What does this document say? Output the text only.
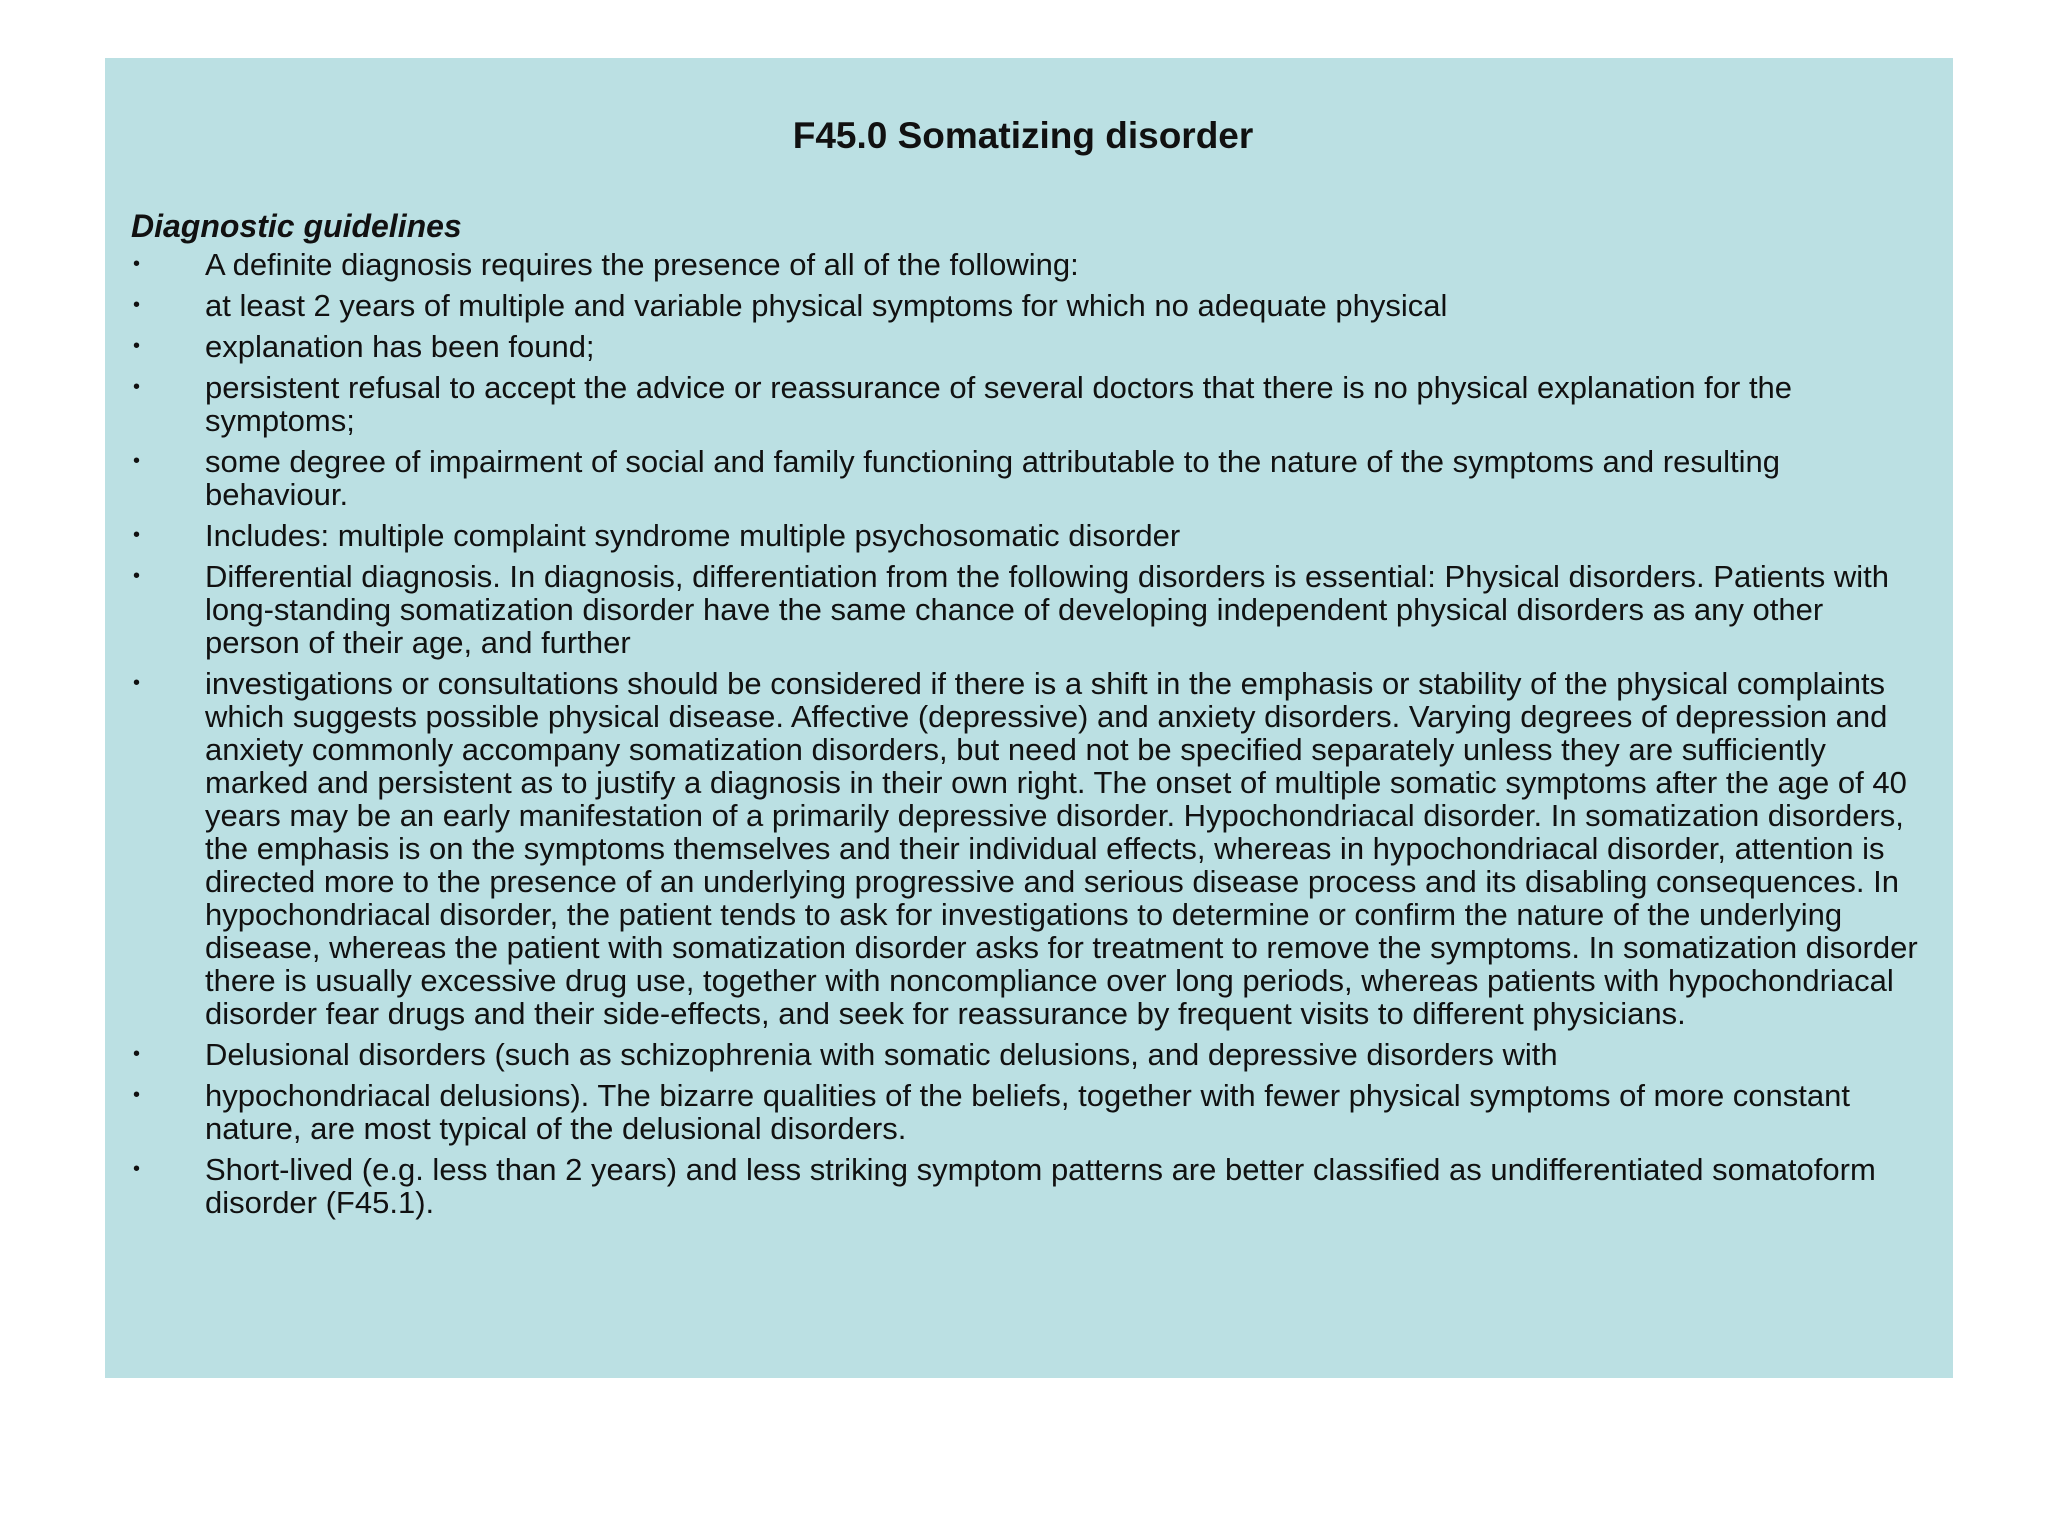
F45.0 Somatizing disorder
Diagnostic guidelines
• A definite diagnosis requires the presence of all of the following:
• at least 2 years of multiple and variable physical symptoms for which no adequate physical
• explanation has been found;
• persistent refusal to accept the advice or reassurance of several doctors that there is no physical explanation for the symptoms;
• some degree of impairment of social and family functioning attributable to the nature of the symptoms and resulting behaviour.
• Includes: multiple complaint syndrome multiple psychosomatic disorder
• Differential diagnosis. In diagnosis, differentiation from the following disorders is essential: Physical disorders. Patients with long-standing somatization disorder have the same chance of developing independent physical disorders as any other person of their age, and further
• investigations or consultations should be considered if there is a shift in the emphasis or stability of the physical complaints which suggests possible physical disease. Affective (depressive) and anxiety disorders. Varying degrees of depression and anxiety commonly accompany somatization disorders, but need not be specified separately unless they are sufficiently marked and persistent as to justify a diagnosis in their own right. The onset of multiple somatic symptoms after the age of 40 years may be an early manifestation of a primarily depressive disorder. Hypochondriacal disorder. In somatization disorders, the emphasis is on the symptoms themselves and their individual effects, whereas in hypochondriacal disorder, attention is directed more to the presence of an underlying progressive and serious disease process and its disabling consequences. In hypochondriacal disorder, the patient tends to ask for investigations to determine or confirm the nature of the underlying disease, whereas the patient with somatization disorder asks for treatment to remove the symptoms. In somatization disorder there is usually excessive drug use, together with noncompliance over long periods, whereas patients with hypochondriacal disorder fear drugs and their side-effects, and seek for reassurance by frequent visits to different physicians.
• Delusional disorders (such as schizophrenia with somatic delusions, and depressive disorders with
• hypochondriacal delusions). The bizarre qualities of the beliefs, together with fewer physical symptoms of more constant nature, are most typical of the delusional disorders.
• Short-lived (e.g. less than 2 years) and less striking symptom patterns are better classified as undifferentiated somatoform disorder (F45.1).
